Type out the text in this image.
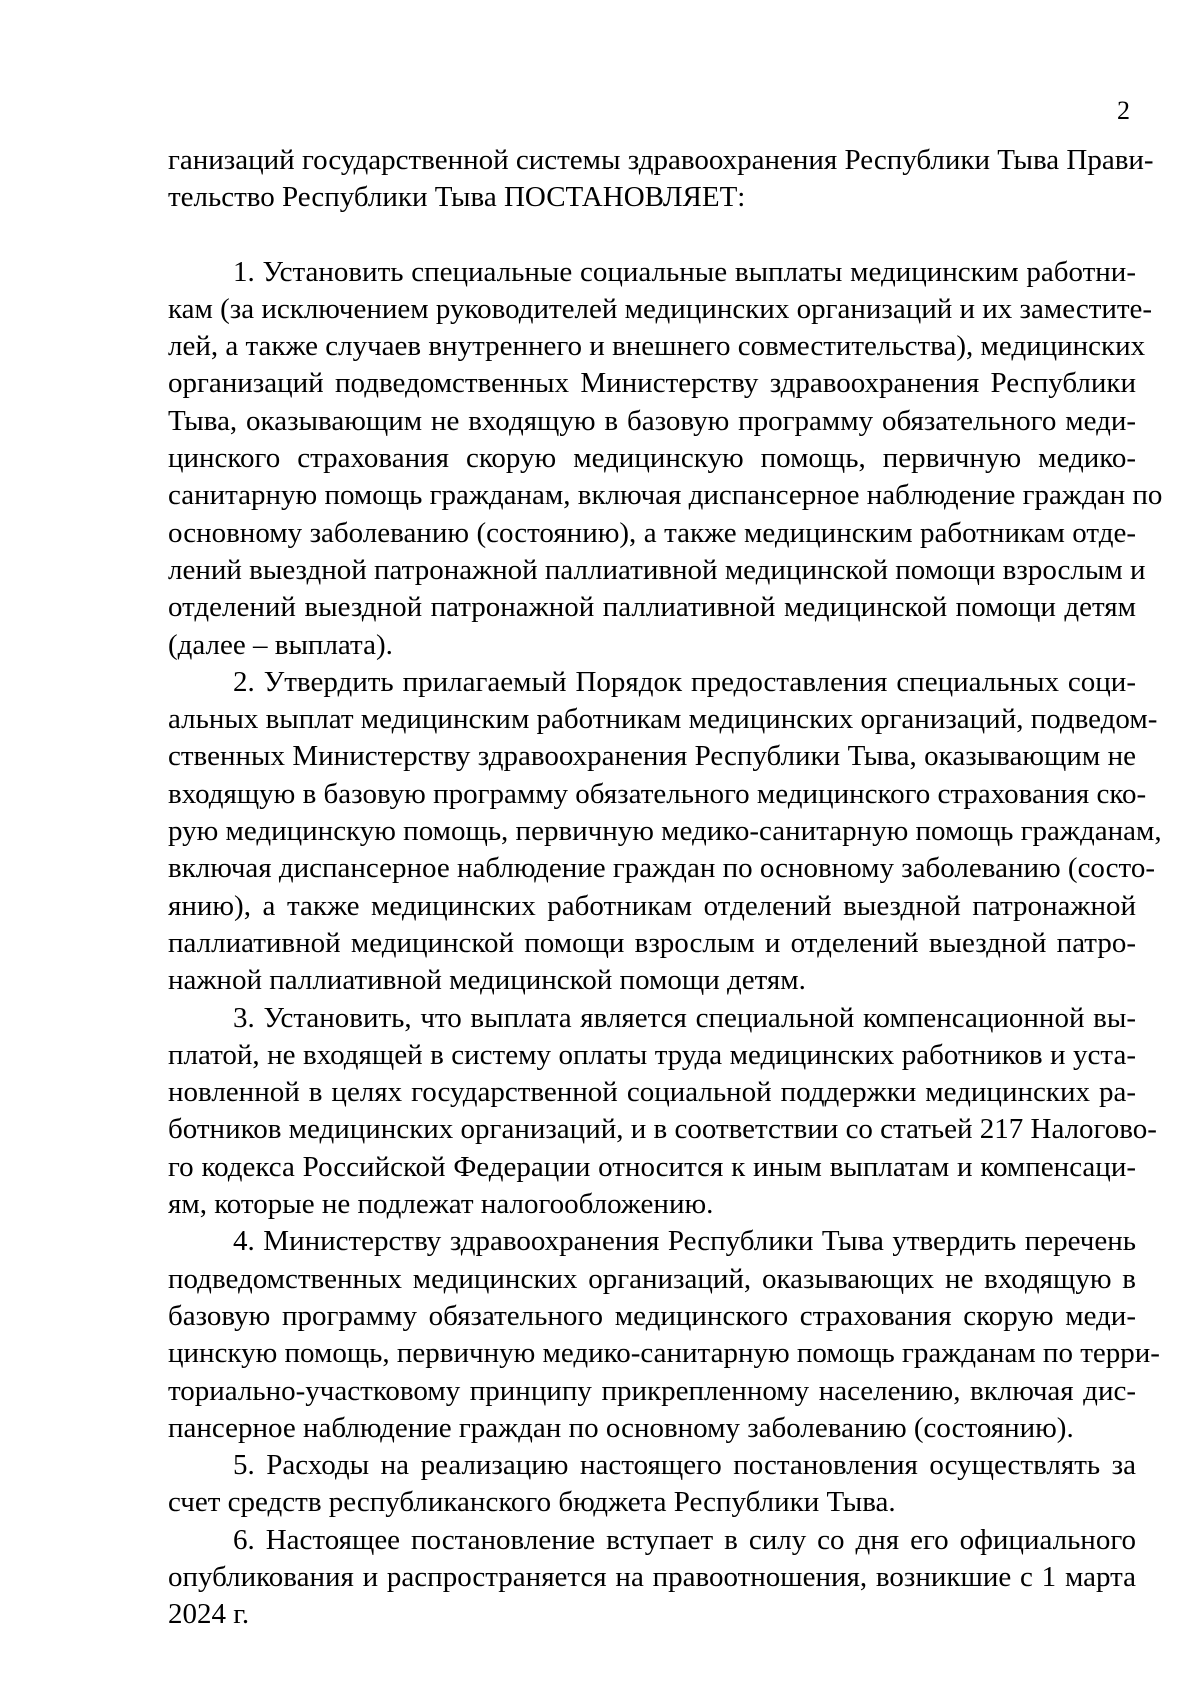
2

ганизаций государственной системы здравоохранения Республики Тыва Прави-
тельство Республики Тыва ПОСТАНОВЛЯЕТ:

1. Установить специальные социальные выплаты медицинским работни-
кам (за исключением руководителей медицинских организаций и их заместите-
лей, а также случаев внутреннего и внешнего совместительства), медицинских
организаций подведомственных Министерству здравоохранения Республики
Тыва, оказывающим не входящую в базовую программу обязательного меди-
цинского страхования скорую медицинскую помощь, первичную медико-
санитарную помощь гражданам, включая диспансерное наблюдение граждан по
основному заболеванию (состоянию), а также медицинским работникам отде-
лений выездной патронажной паллиативной медицинской помощи взрослым и
отделений выездной патронажной паллиативной медицинской помощи детям
(далее – выплата).

2. Утвердить прилагаемый Порядок предоставления специальных соци-
альных выплат медицинским работникам медицинских организаций, подведом-
ственных Министерству здравоохранения Республики Тыва, оказывающим не
входящую в базовую программу обязательного медицинского страхования ско-
рую медицинскую помощь, первичную медико-санитарную помощь гражданам,
включая диспансерное наблюдение граждан по основному заболеванию (состо-
янию), а также медицинских работникам отделений выездной патронажной
паллиативной медицинской помощи взрослым и отделений выездной патро-
нажной паллиативной медицинской помощи детям.

3. Установить, что выплата является специальной компенсационной вы-
платой, не входящей в систему оплаты труда медицинских работников и уста-
новленной в целях государственной социальной поддержки медицинских ра-
ботников медицинских организаций, и в соответствии со статьей 217 Налогово-
го кодекса Российской Федерации относится к иным выплатам и компенсаци-
ям, которые не подлежат налогообложению.

4. Министерству здравоохранения Республики Тыва утвердить перечень
подведомственных медицинских организаций, оказывающих не входящую в
базовую программу обязательного медицинского страхования скорую меди-
цинскую помощь, первичную медико-санитарную помощь гражданам по терри-
ториально-участковому принципу прикрепленному населению, включая дис-
пансерное наблюдение граждан по основному заболеванию (состоянию).

5. Расходы на реализацию настоящего постановления осуществлять за
счет средств республиканского бюджета Республики Тыва.

6. Настоящее постановление вступает в силу со дня его официального
опубликования и распространяется на правоотношения, возникшие с 1 марта
2024 г.
